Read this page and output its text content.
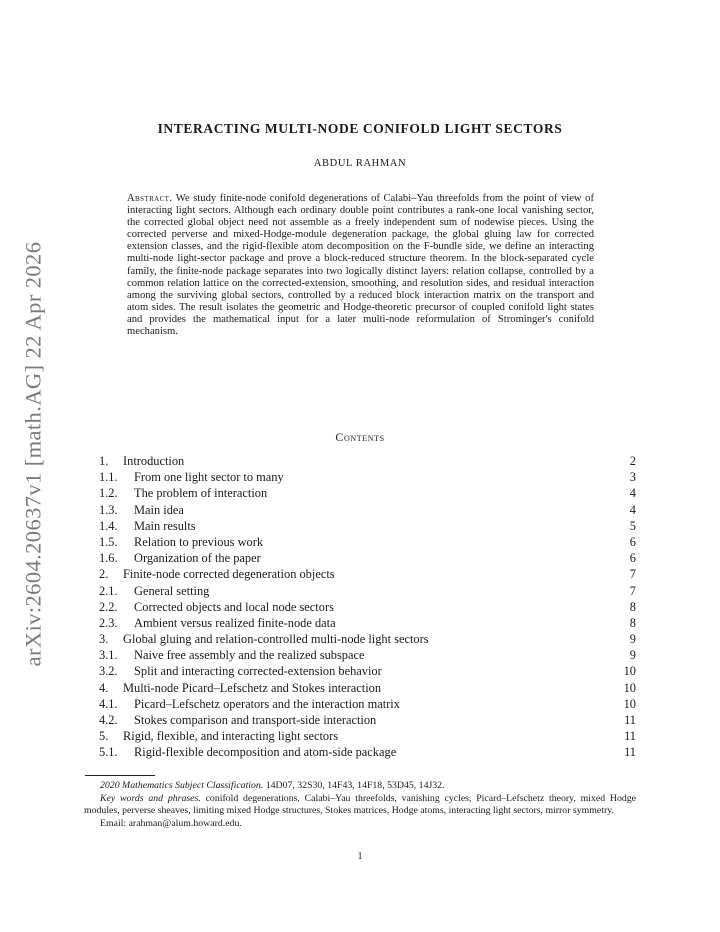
arXiv:2604.20637v1 [math.AG] 22 Apr 2026
INTERACTING MULTI-NODE CONIFOLD LIGHT SECTORS
ABDUL RAHMAN
Abstract. We study finite-node conifold degenerations of Calabi–Yau threefolds from the point of view of interacting light sectors. Although each ordinary double point contributes a rank-one local vanishing sector, the corrected global object need not assemble as a freely independent sum of nodewise pieces. Using the corrected perverse and mixed-Hodge-module degeneration package, the global gluing law for corrected extension classes, and the rigid-flexible atom decomposition on the F-bundle side, we define an interacting multi-node light-sector package and prove a block-reduced structure theorem. In the block-separated cycle family, the finite-node package separates into two logically distinct layers: relation collapse, controlled by a common relation lattice on the corrected-extension, smoothing, and resolution sides, and residual interaction among the surviving global sectors, controlled by a reduced block interaction matrix on the transport and atom sides. The result isolates the geometric and Hodge-theoretic precursor of coupled conifold light states and provides the mathematical input for a later multi-node reformulation of Strominger's conifold mechanism.
Contents
1. Introduction	2
1.1. From one light sector to many	3
1.2. The problem of interaction	4
1.3. Main idea	4
1.4. Main results	5
1.5. Relation to previous work	6
1.6. Organization of the paper	6
2. Finite-node corrected degeneration objects	7
2.1. General setting	7
2.2. Corrected objects and local node sectors	8
2.3. Ambient versus realized finite-node data	8
3. Global gluing and relation-controlled multi-node light sectors	9
3.1. Naive free assembly and the realized subspace	9
3.2. Split and interacting corrected-extension behavior	10
4. Multi-node Picard–Lefschetz and Stokes interaction	10
4.1. Picard–Lefschetz operators and the interaction matrix	10
4.2. Stokes comparison and transport-side interaction	11
5. Rigid, flexible, and interacting light sectors	11
5.1. Rigid-flexible decomposition and atom-side package	11

2020 Mathematics Subject Classification. 14D07, 32S30, 14F43, 14F18, 53D45, 14J32.

Key words and phrases. conifold degenerations, Calabi–Yau threefolds, vanishing cycles, Picard–Lefschetz theory, mixed Hodge modules, perverse sheaves, limiting mixed Hodge structures, Stokes matrices, Hodge atoms, interacting light sectors, mirror symmetry.

Email: arahman@alum.howard.edu.

1
